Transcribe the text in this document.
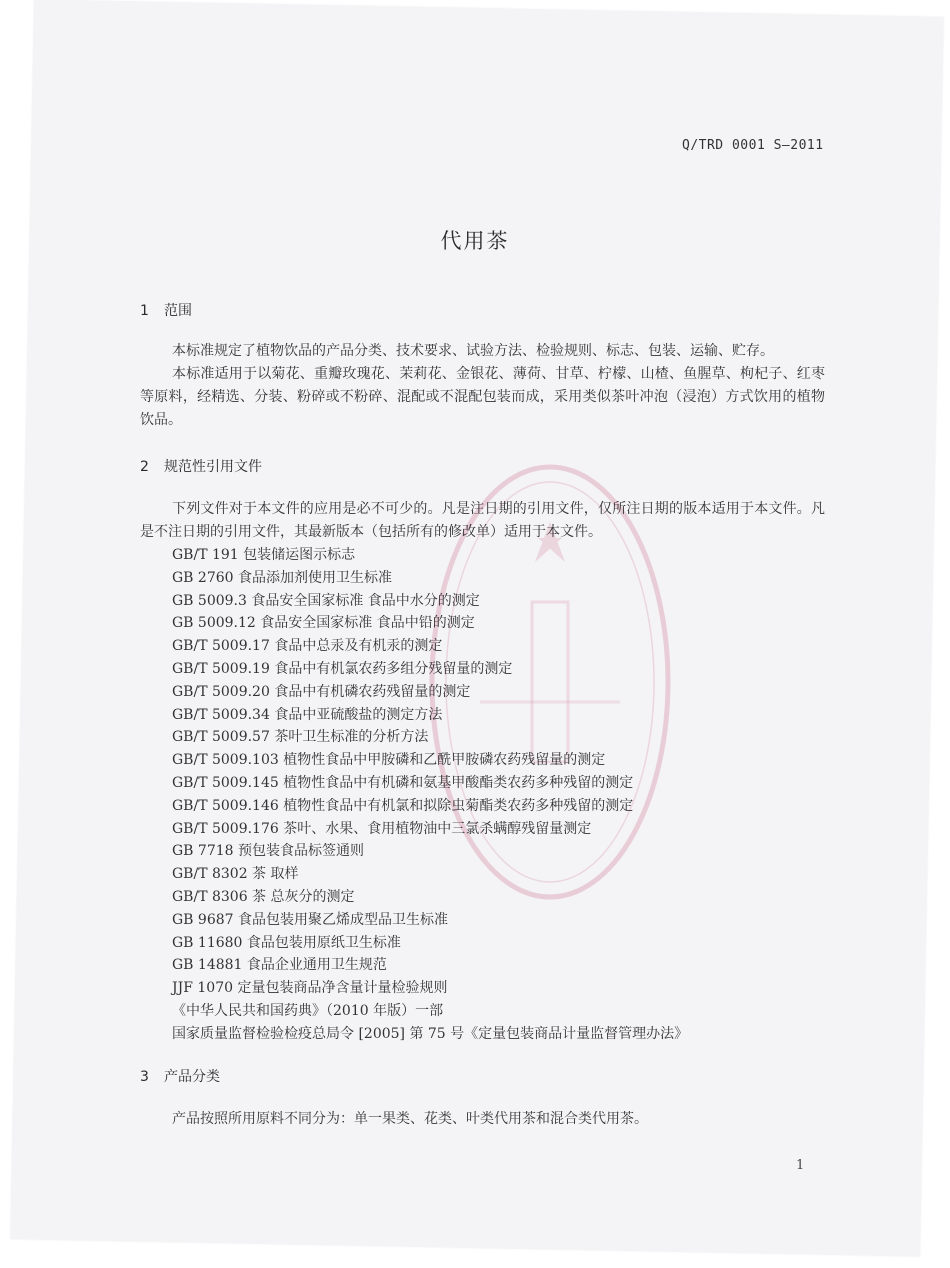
Q/TRD 0001 S—2011
代用茶
1 范围

本标准规定了植物饮品的产品分类、技术要求、试验方法、检验规则、标志、包装、运输、贮存。

本标准适用于以菊花、重瓣玫瑰花、茉莉花、金银花、薄荷、甘草、柠檬、山楂、鱼腥草、枸杞子、红枣等原料，经精选、分装、粉碎或不粉碎、混配或不混配包装而成，采用类似茶叶冲泡（浸泡）方式饮用的植物饮品。

2 规范性引用文件

下列文件对于本文件的应用是必不可少的。凡是注日期的引用文件，仅所注日期的版本适用于本文件。凡是不注日期的引用文件，其最新版本（包括所有的修改单）适用于本文件。

GB/T 191 包装储运图示标志
GB 2760 食品添加剂使用卫生标准
GB 5009.3 食品安全国家标准 食品中水分的测定
GB 5009.12 食品安全国家标准 食品中铅的测定
GB/T 5009.17 食品中总汞及有机汞的测定
GB/T 5009.19 食品中有机氯农药多组分残留量的测定
GB/T 5009.20 食品中有机磷农药残留量的测定
GB/T 5009.34 食品中亚硫酸盐的测定方法
GB/T 5009.57 茶叶卫生标准的分析方法
GB/T 5009.103 植物性食品中甲胺磷和乙酰甲胺磷农药残留量的测定
GB/T 5009.145 植物性食品中有机磷和氨基甲酸酯类农药多种残留的测定
GB/T 5009.146 植物性食品中有机氯和拟除虫菊酯类农药多种残留的测定
GB/T 5009.176 茶叶、水果、食用植物油中三氯杀螨醇残留量测定
GB 7718 预包装食品标签通则
GB/T 8302 茶 取样
GB/T 8306 茶 总灰分的测定
GB 9687 食品包装用聚乙烯成型品卫生标准
GB 11680 食品包装用原纸卫生标准
GB 14881 食品企业通用卫生规范
JJF 1070 定量包装商品净含量计量检验规则
《中华人民共和国药典》（2010 年版）一部
国家质量监督检验检疫总局令 [2005] 第 75 号《定量包装商品计量监督管理办法》
3 产品分类

产品按照所用原料不同分为：单一果类、花类、叶类代用茶和混合类代用茶。

1
